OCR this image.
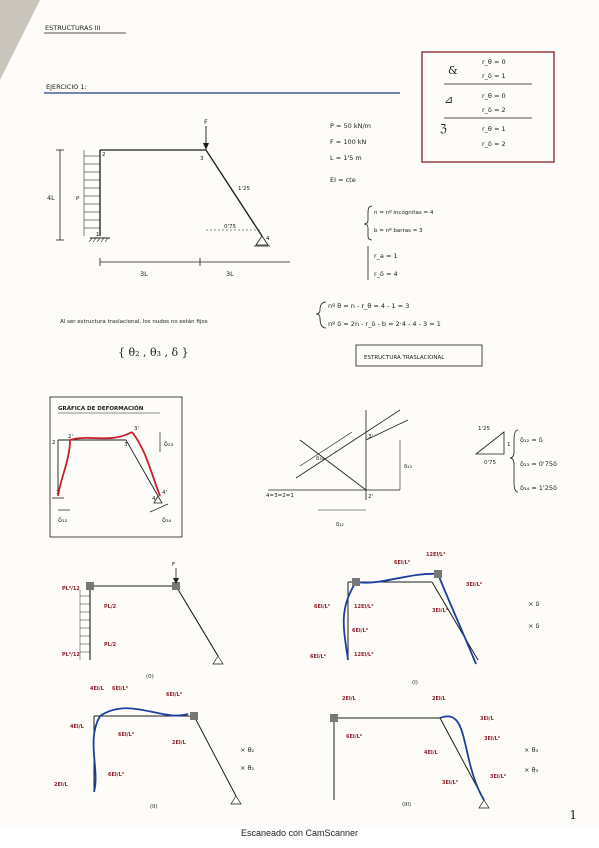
ESTRUCTURAS III
EJERCICIO 1:
&
r_θ = 0
r_δ = 1
⊿	r_θ = 0
r_δ = 2
ℨ	r_θ = 1
r_δ = 2
F
P
4L
3L	3L
1
2
3
4
1'25
0'75
P = 50 kN/m
F = 100 kN
L = 1'5 m
EI = cte
n = nº incógnitas = 4
b = nº barras = 3
r_a = 1
r_δ = 4
nº θ = n - r_θ = 4 - 1 = 3
nº δ = 2n - r_δ - b = 2·4 - 4 - 3 = 1
Al ser estructura traslacional, los nudos no están fijos
{ θ₂ , θ₃ , δ }	ESTRUCTURA TRASLACIONAL
GRÁFICA DE DEFORMACIÓN
2
2'
3
3'
1
4
4'
δ₂₃
δ₁₂	δ₃₄
δ₃₄
δ₂₃
δ₁₂
4=3=2=1
3'
2'
1'25
1
0'75
δ₁₂ = δ
δ₂₃ = 0'75δ
δ₃₄ = 1'25δ
PL²/12
PL²/12
PL/2
PL/2
F
(0)
6EI/L²
12EI/L³
3EI/L²
6EI/L²	12EI/L³
3EI/L²
6EI/L²
6EI/L²	12EI/L³
(I)
× δ
× δ
4EI/L 6EI/L²
6EI/L²
4EI/L
6EI/L²
2EI/L
6EI/L²
2EI/L
(II)
× θ₂
× θ₂
2EI/L	2EI/L
3EI/L
6EI/L²	3EI/L²
4EI/L
3EI/L²
3EI/L²
(III)
× θ₃
× θ₃
1
Escaneado con CamScanner
